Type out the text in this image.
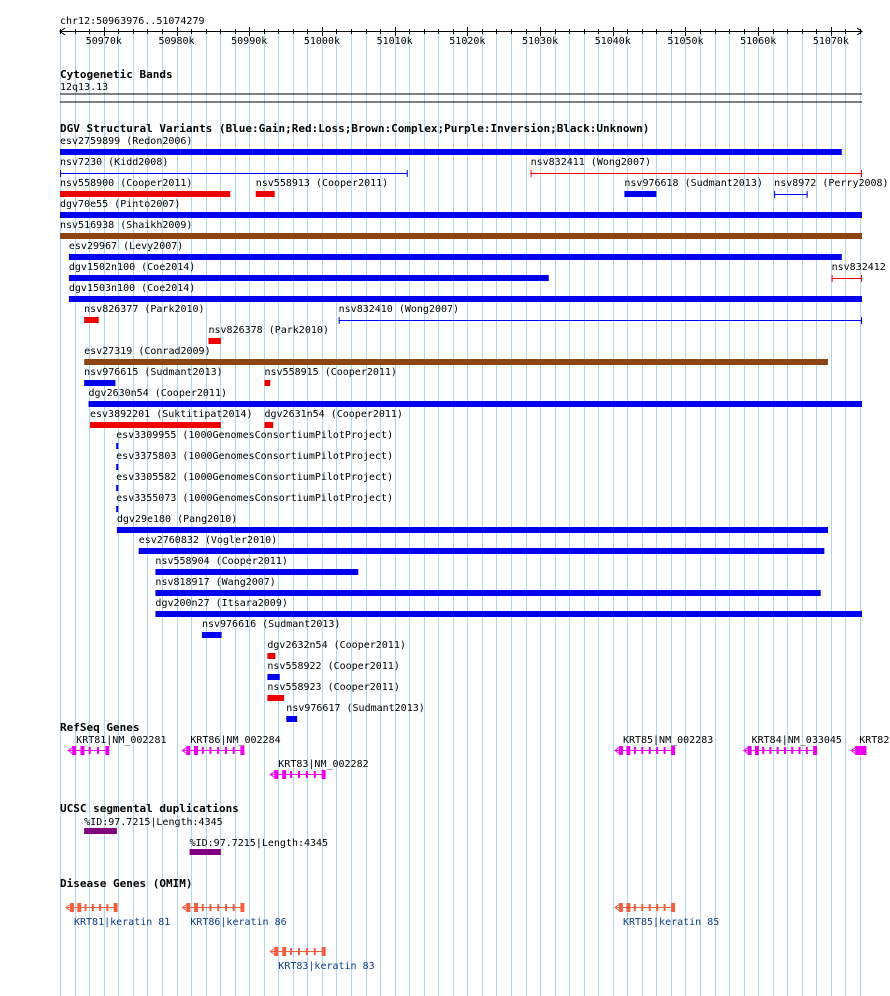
chr12:50963976..51074279
50970k	50980k	50990k	51000k	51010k	51020k	51030k	51040k	51050k	51060k	51070k
Cytogenetic Bands
12q13.13
DGV Structural Variants (Blue:Gain;Red:Loss;Brown:Complex;Purple:Inversion;Black:Unknown)
esv2759899 (Redon2006)
nsv7230 (Kidd2008)	nsv832411 (Wong2007)
nsv558900 (Cooper2011)	nsv558913 (Cooper2011)	nsv976618 (Sudmant2013) nsv8972 (Perry2008)
dgv70e55 (Pinto2007)
nsv516938 (Shaikh2009)
esv29967 (Levy2007)
dgv1502n100 (Coe2014)	nsv832412
dgv1503n100 (Coe2014)
nsv826377 (Park2010)
nsv826378 (Park2010)
nsv832410 (Wong2007)
esv27319 (Conrad2009)
nsv976615 (Sudmant2013)	nsv558915 (Cooper2011)
dgv2630n54 (Cooper2011)
esv3892201 (Suktitipat2014) dgv2631n54 (Cooper2011)
esv3309955 (1000GenomesConsortiumPilotProject)
esv3375803 (1000GenomesConsortiumPilotProject)
esv3305582 (1000GenomesConsortiumPilotProject)
esv3355073 (1000GenomesConsortiumPilotProject)
dgv29e180 (Pang2010)
esv2760832 (Vogler2010)
nsv558904 (Cooper2011)
nsv818917 (Wang2007)
dgv200n27 (Itsara2009)
nsv976616 (Sudmant2013)
dgv2632n54 (Cooper2011)
nsv558922 (Cooper2011)
nsv558923 (Cooper2011)
nsv976617 (Sudmant2013)
RefSeq Genes
KRT81|NM_002281 KRT86|NM_002284
KRT83|NM_002282
KRT85|NM_002283	KRT84|NM_033045 KRT82
UCSC segmental duplications
%ID:97.7215|Length:4345
%ID:97.7215|Length:4345
Disease Genes (OMIM)
KRT81|keratin 81 KRT86|keratin 86
KRT83|keratin 83
KRT85|keratin 85
